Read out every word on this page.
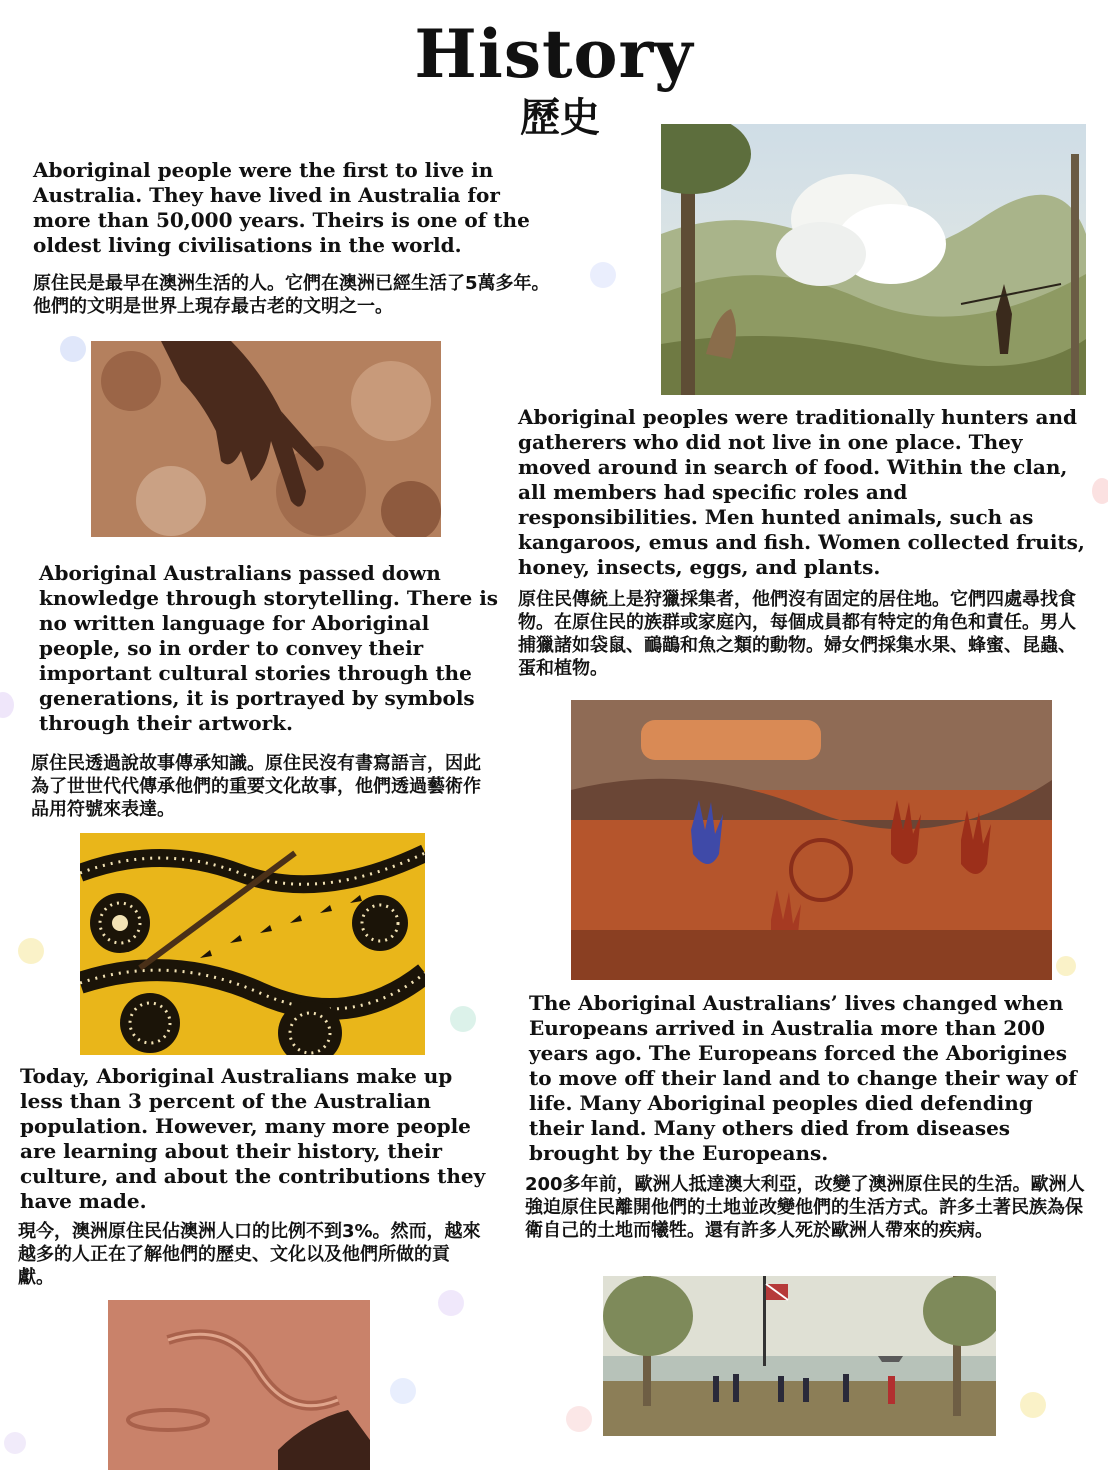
History
歷史

Aboriginal people were the first to live in Australia. They have lived in Australia for more than 50,000 years. Theirs is one of the oldest living civilisations in the world.

原住民是最早在澳洲生活的人。它們在澳洲已經生活了5萬多年。他們的文明是世界上現存最古老的文明之一。

Aboriginal peoples were traditionally hunters and gatherers who did not live in one place. They moved around in search of food. Within the clan, all members had specific roles and responsibilities. Men hunted animals, such as kangaroos, emus and fish. Women collected fruits, honey, insects, eggs, and plants.

原住民傳統上是狩獵採集者，他們沒有固定的居住地。它們四處尋找食物。在原住民的族群或家庭內，每個成員都有特定的角色和責任。男人捕獵諸如袋鼠、鴯鶓和魚之類的動物。婦女們採集水果、蜂蜜、昆蟲、蛋和植物。

Aboriginal Australians passed down knowledge through storytelling. There is no written language for Aboriginal people, so in order to convey their important cultural stories through the generations, it is portrayed by symbols through their artwork.

原住民透過說故事傳承知識。原住民沒有書寫語言，因此為了世世代代傳承他們的重要文化故事，他們透過藝術作品用符號來表達。

The Aboriginal Australians’ lives changed when Europeans arrived in Australia more than 200 years ago. The Europeans forced the Aborigines to move off their land and to change their way of life. Many Aboriginal peoples died defending their land. Many others died from diseases brought by the Europeans.

200多年前，歐洲人抵達澳大利亞，改變了澳洲原住民的生活。歐洲人強迫原住民離開他們的土地並改變他們的生活方式。許多土著民族為保衛自己的土地而犧牲。還有許多人死於歐洲人帶來的疾病。

Today, Aboriginal Australians make up less than 3 percent of the Australian population. However, many more people are learning about their history, their culture, and about the contributions they have made.

現今，澳洲原住民佔澳洲人口的比例不到3%。然而，越來越多的人正在了解他們的歷史、文化以及他們所做的貢獻。
